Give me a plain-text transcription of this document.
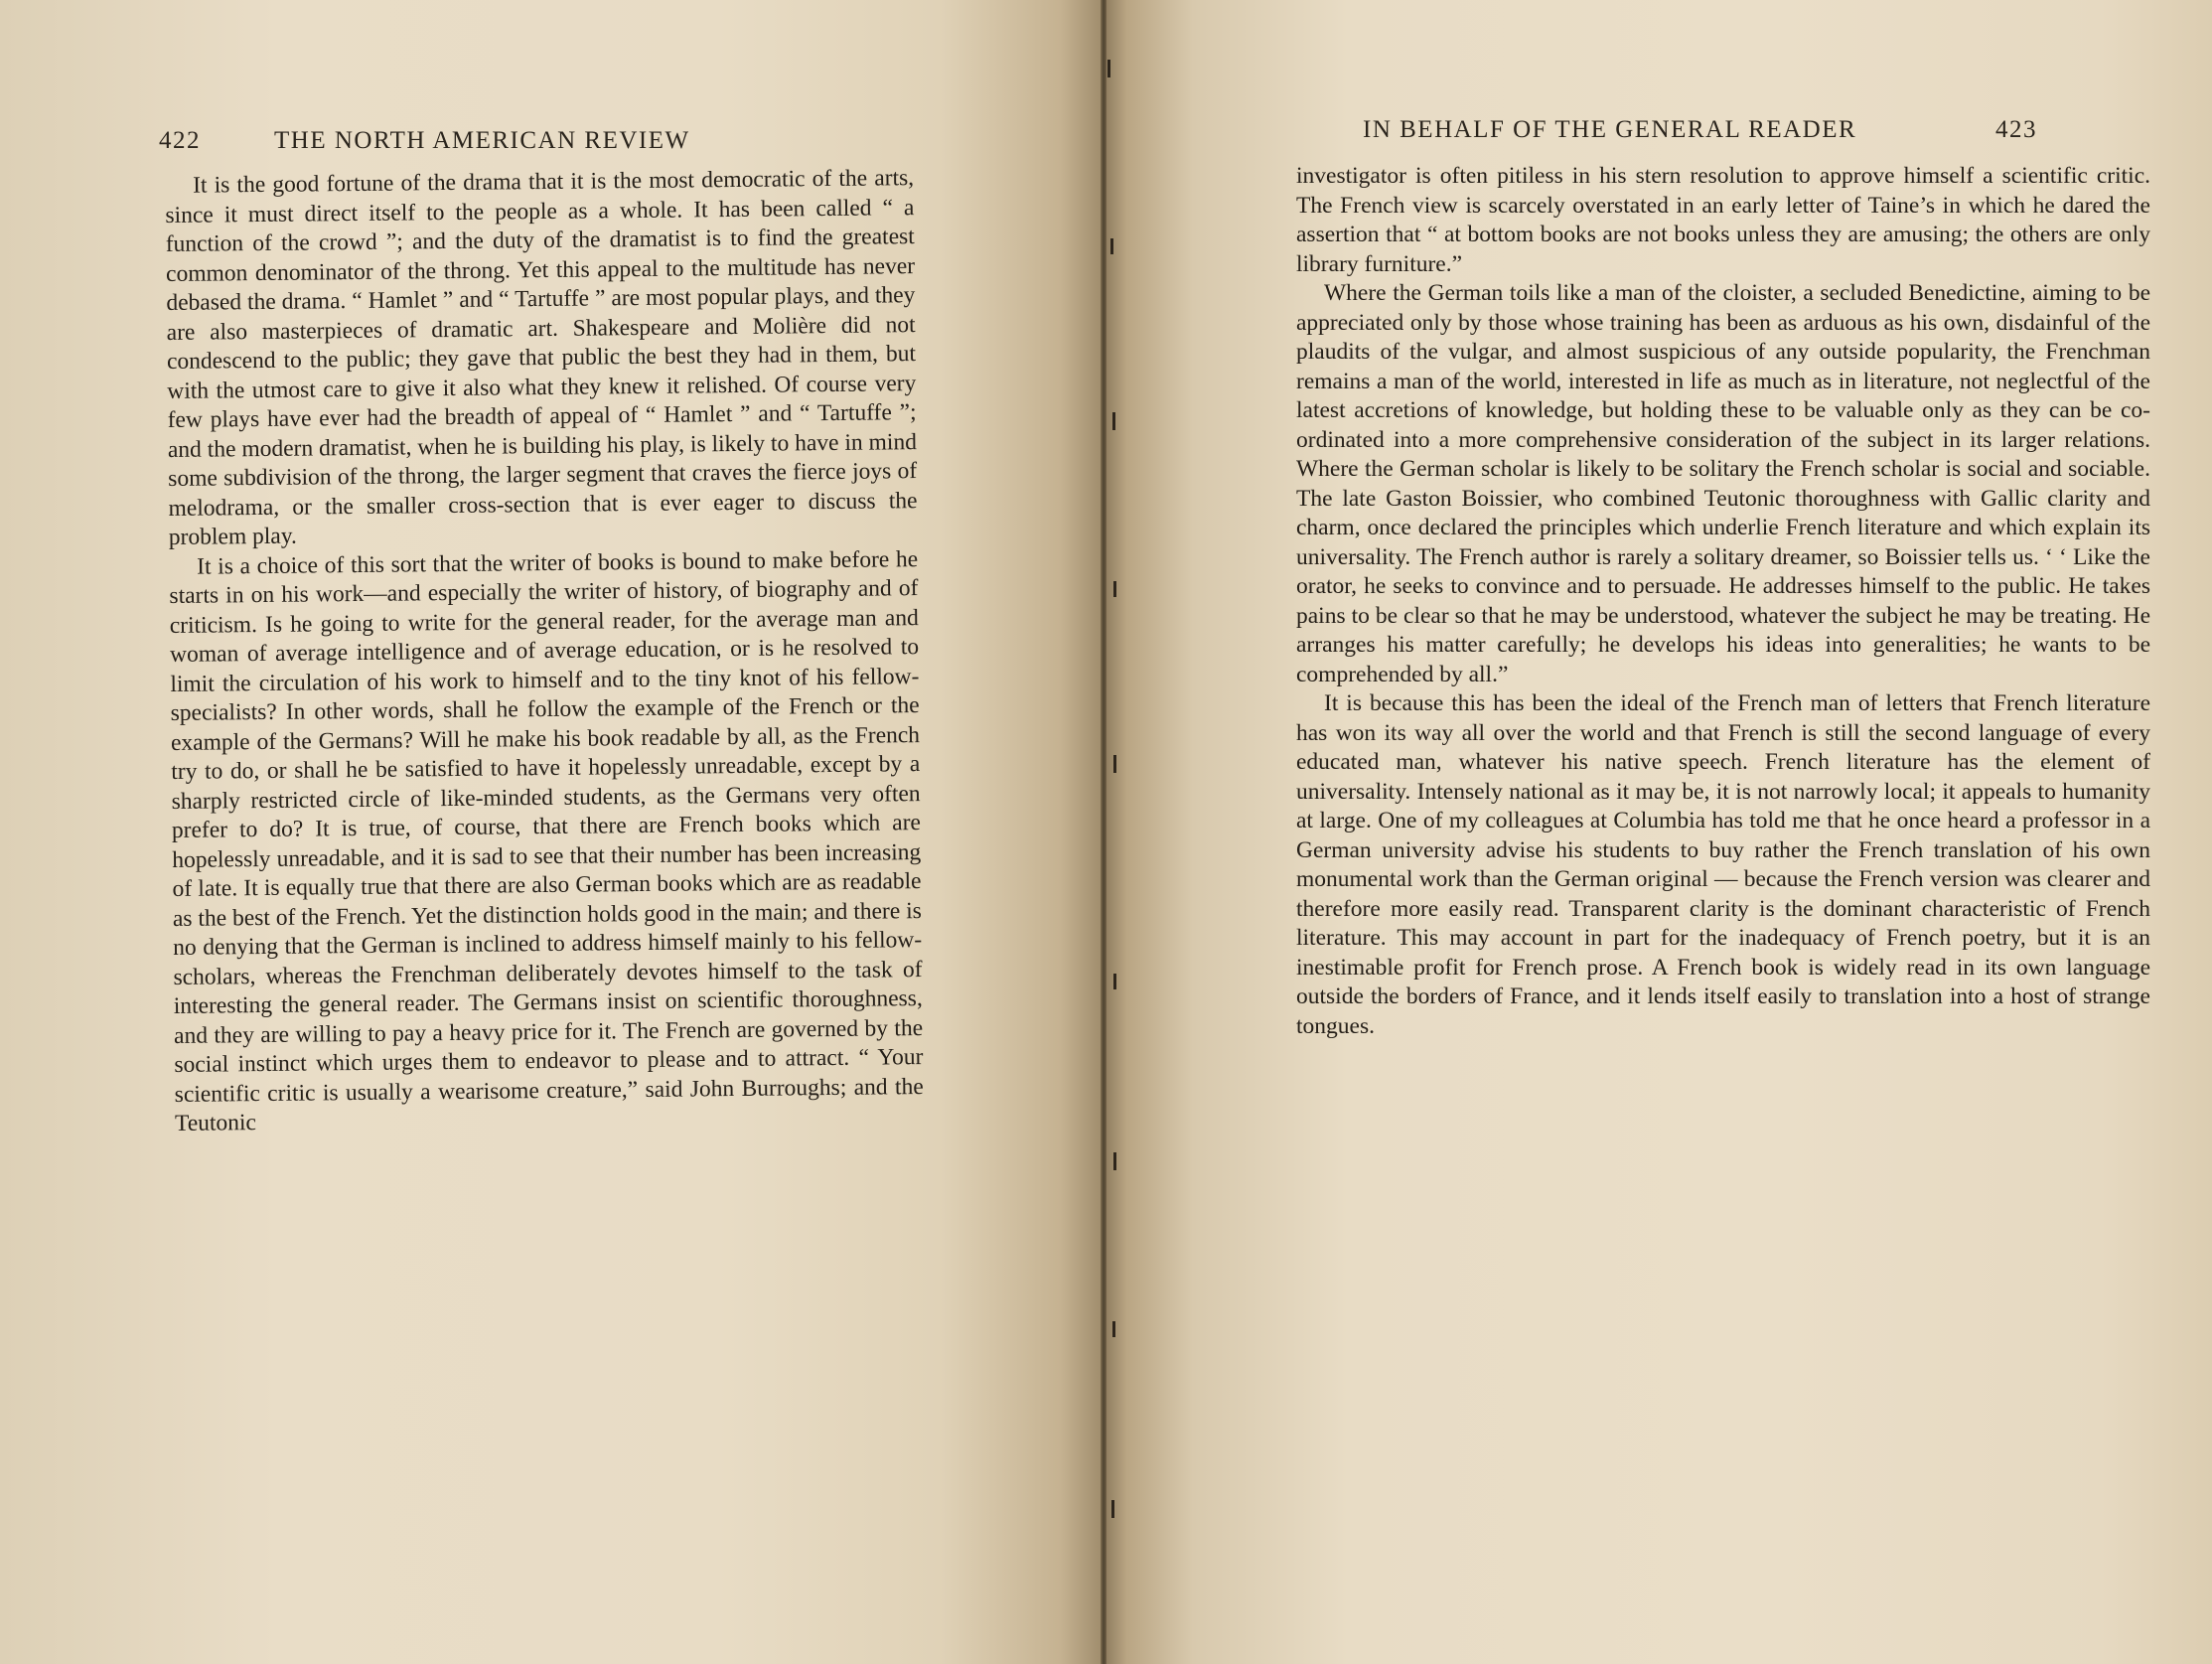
422	THE NORTH AMERICAN REVIEW

It is the good fortune of the drama that it is the most democratic of the arts, since it must direct itself to the people as a whole. It has been called “ a function of the crowd ”; and the duty of the dramatist is to find the greatest common denominator of the throng. Yet this appeal to the multitude has never debased the drama. “ Hamlet ” and “ Tartuffe ” are most popular plays, and they are also masterpieces of dramatic art. Shakespeare and Molière did not condescend to the public; they gave that public the best they had in them, but with the utmost care to give it also what they knew it relished. Of course very few plays have ever had the breadth of appeal of “ Hamlet ” and “ Tartuffe ”; and the modern dramatist, when he is building his play, is likely to have in mind some subdivision of the throng, the larger segment that craves the fierce joys of melodrama, or the smaller cross-section that is ever eager to discuss the problem play.

It is a choice of this sort that the writer of books is bound to make before he starts in on his work—and especially the writer of history, of biography and of criticism. Is he going to write for the general reader, for the average man and woman of average intelligence and of average education, or is he resolved to limit the circulation of his work to himself and to the tiny knot of his fellow-specialists? In other words, shall he follow the example of the French or the example of the Germans? Will he make his book readable by all, as the French try to do, or shall he be satisfied to have it hopelessly unreadable, except by a sharply restricted circle of like-minded students, as the Germans very often prefer to do? It is true, of course, that there are French books which are hopelessly unreadable, and it is sad to see that their number has been increasing of late. It is equally true that there are also German books which are as readable as the best of the French. Yet the distinction holds good in the main; and there is no denying that the German is inclined to address himself mainly to his fellow-scholars, whereas the Frenchman deliberately devotes himself to the task of interesting the general reader. The Germans insist on scientific thoroughness, and they are willing to pay a heavy price for it. The French are governed by the social instinct which urges them to endeavor to please and to attract. “ Your scientific critic is usually a wearisome creature,” said John Burroughs; and the Teutonic

IN BEHALF OF THE GENERAL READER	423

investigator is often pitiless in his stern resolution to approve himself a scientific critic. The French view is scarcely overstated in an early letter of Taine’s in which he dared the assertion that “ at bottom books are not books unless they are amusing; the others are only library furniture.”

Where the German toils like a man of the cloister, a secluded Benedictine, aiming to be appreciated only by those whose training has been as arduous as his own, disdainful of the plaudits of the vulgar, and almost suspicious of any outside popularity, the Frenchman remains a man of the world, interested in life as much as in literature, not neglectful of the latest accretions of knowledge, but holding these to be valuable only as they can be co-ordinated into a more comprehensive consideration of the subject in its larger relations. Where the German scholar is likely to be solitary the French scholar is social and sociable. The late Gaston Boissier, who combined Teutonic thoroughness with Gallic clarity and charm, once declared the principles which underlie French literature and which explain its universality. The French author is rarely a solitary dreamer, so Boissier tells us. ‘ ‘ Like the orator, he seeks to convince and to persuade. He addresses himself to the public. He takes pains to be clear so that he may be understood, whatever the subject he may be treating. He arranges his matter carefully; he develops his ideas into generalities; he wants to be comprehended by all.”

It is because this has been the ideal of the French man of letters that French literature has won its way all over the world and that French is still the second language of every educated man, whatever his native speech. French literature has the element of universality. Intensely national as it may be, it is not narrowly local; it appeals to humanity at large. One of my colleagues at Columbia has told me that he once heard a professor in a German university advise his students to buy rather the French translation of his own monumental work than the German original — because the French version was clearer and therefore more easily read. Transparent clarity is the dominant characteristic of French literature. This may account in part for the inadequacy of French poetry, but it is an inestimable profit for French prose. A French book is widely read in its own language outside the borders of France, and it lends itself easily to translation into a host of strange tongues.
